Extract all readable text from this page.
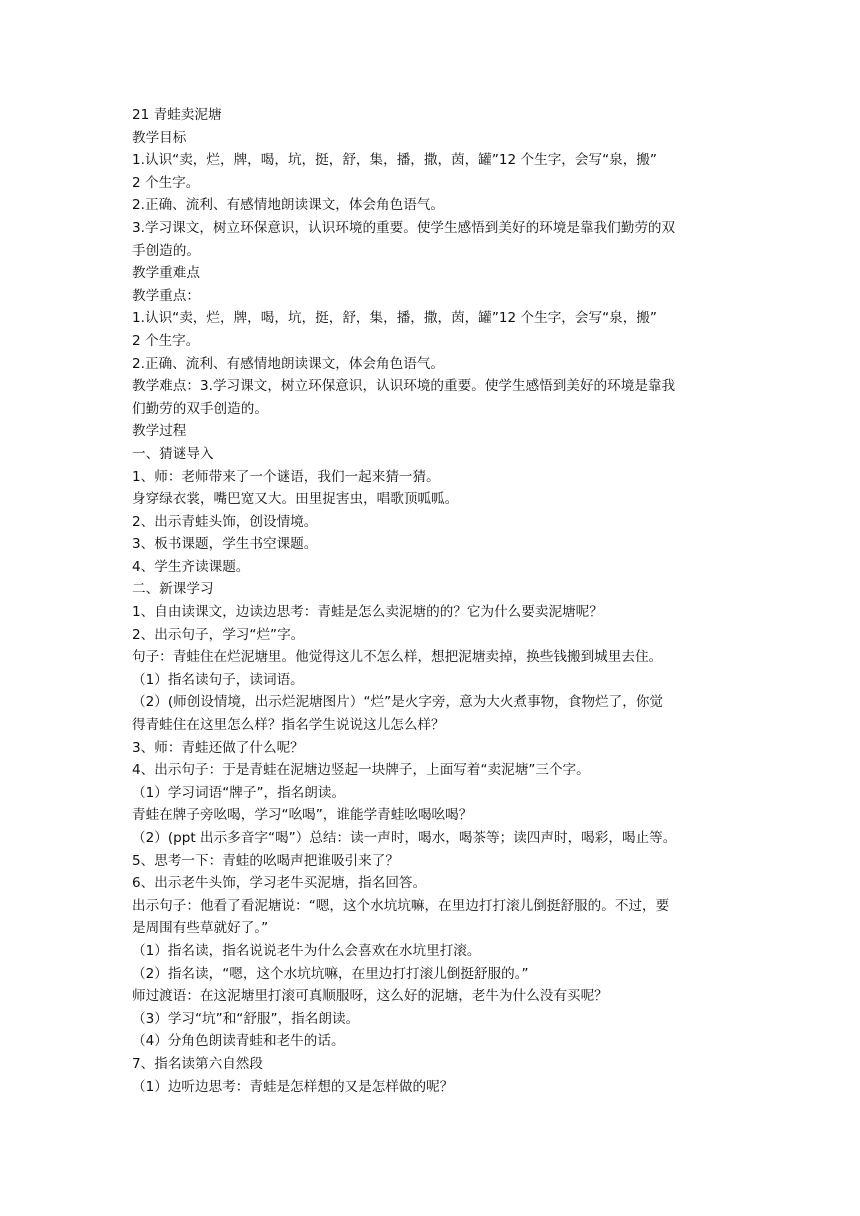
21 青蛙卖泥塘
教学目标
1.认识“卖，烂，牌，喝，坑，挺，舒，集，播，撒，茵，罐”12 个生字，会写“泉，搬”
2 个生字。
2.正确、流利、有感情地朗读课文，体会角色语气。
3.学习课文，树立环保意识，认识环境的重要。使学生感悟到美好的环境是靠我们勤劳的双
手创造的。
教学重难点
教学重点：
1.认识“卖，烂，牌，喝，坑，挺，舒，集，播，撒，茵，罐”12 个生字，会写“泉，搬”
2 个生字。
2.正确、流利、有感情地朗读课文，体会角色语气。
教学难点：3.学习课文，树立环保意识，认识环境的重要。使学生感悟到美好的环境是靠我
们勤劳的双手创造的。
教学过程
一、猜谜导入
1、师：老师带来了一个谜语，我们一起来猜一猜。
身穿绿衣裳，嘴巴宽又大。田里捉害虫，唱歌顶呱呱。
2、出示青蛙头饰，创设情境。
3、板书课题，学生书空课题。
4、学生齐读课题。
二、新课学习
1、自由读课文，边读边思考：青蛙是怎么卖泥塘的的？它为什么要卖泥塘呢？
2、出示句子，学习“烂”字。
句子：青蛙住在烂泥塘里。他觉得这儿不怎么样，想把泥塘卖掉，换些钱搬到城里去住。
（1）指名读句子，读词语。
（2）(师创设情境，出示烂泥塘图片）“烂”是火字旁，意为大火煮事物，食物烂了，你觉
得青蛙住在这里怎么样？指名学生说说这儿怎么样？
3、师：青蛙还做了什么呢？
4、出示句子：于是青蛙在泥塘边竖起一块牌子，上面写着“卖泥塘”三个字。
（1）学习词语“牌子”，指名朗读。
青蛙在牌子旁吆喝，学习“吆喝”，谁能学青蛙吆喝吆喝？
（2）(ppt 出示多音字“喝”）总结：读一声时，喝水，喝茶等；读四声时，喝彩，喝止等。
5、思考一下：青蛙的吆喝声把谁吸引来了？
6、出示老牛头饰，学习老牛买泥塘，指名回答。
出示句子：他看了看泥塘说：“嗯，这个水坑坑嘛，在里边打打滚儿倒挺舒服的。不过，要
是周围有些草就好了。”
（1）指名读，指名说说老牛为什么会喜欢在水坑里打滚。
（2）指名读，“嗯，这个水坑坑嘛，在里边打打滚儿倒挺舒服的。”
师过渡语：在这泥塘里打滚可真顺服呀，这么好的泥塘，老牛为什么没有买呢？
（3）学习“坑”和“舒服”，指名朗读。
（4）分角色朗读青蛙和老牛的话。
7、指名读第六自然段
（1）边听边思考：青蛙是怎样想的又是怎样做的呢？
